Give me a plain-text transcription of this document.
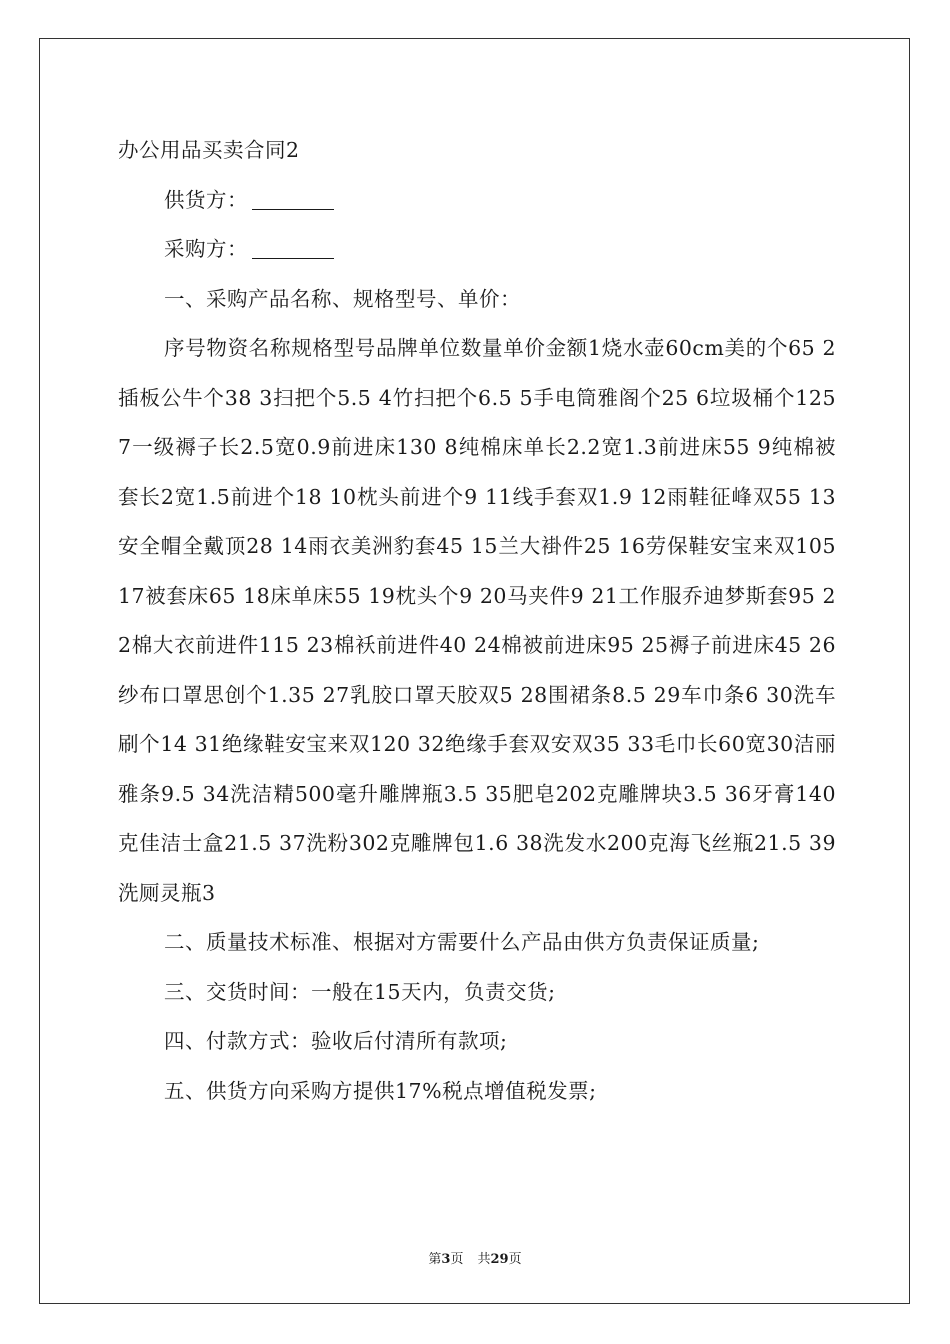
办公用品买卖合同2

供货方：

采购方：

一、采购产品名称、规格型号、单价：

序号物资名称规格型号品牌单位数量单价金额1烧水壶60cm美的个65 2插板公牛个38 3扫把个5.5 4竹扫把个6.5 5手电筒雅阁个25 6垃圾桶个125 7一级褥子长2.5宽0.9前进床130 8纯棉床单长2.2宽1.3前进床55 9纯棉被套长2宽1.5前进个18 10枕头前进个9 11线手套双1.9 12雨鞋征峰双55 13安全帽全戴顶28 14雨衣美洲豹套45 15兰大褂件25 16劳保鞋安宝来双105 17被套床65 18床单床55 19枕头个9 20马夹件9 21工作服乔迪梦斯套95 22棉大衣前进件115 23棉袄前进件40 24棉被前进床95 25褥子前进床45 26纱布口罩思创个1.35 27乳胶口罩天胶双5 28围裙条8.5 29车巾条6 30洗车刷个14 31绝缘鞋安宝来双120 32绝缘手套双安双35 33毛巾长60宽30洁丽雅条9.5 34洗洁精500毫升雕牌瓶3.5 35肥皂202克雕牌块3.5 36牙膏140克佳洁士盒21.5 37洗粉302克雕牌包1.6 38洗发水200克海飞丝瓶21.5 39洗厕灵瓶3

二、质量技术标准、根据对方需要什么产品由供方负责保证质量;

三、交货时间：一般在15天内，负责交货;

四、付款方式：验收后付清所有款项;

五、供货方向采购方提供17%税点增值税发票;

第3页 共29页
